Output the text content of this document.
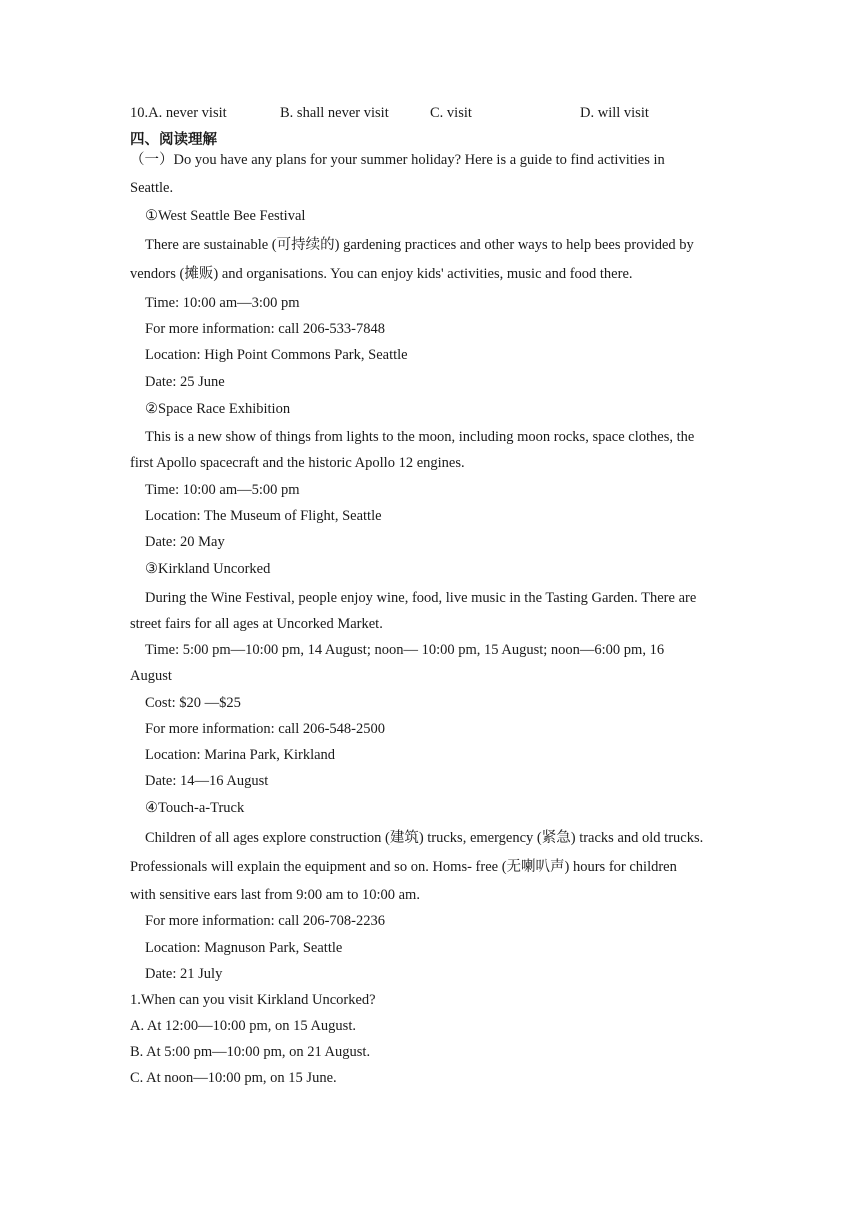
10.A. never visit	B. shall never visit	C. visit	D. will visit
四、阅读理解
（一）Do you have any plans for your summer holiday? Here is a guide to find activities in
Seattle.
①West Seattle Bee Festival
There are sustainable (可持续的) gardening practices and other ways to help bees provided by
vendors (摊贩) and organisations. You can enjoy kids' activities, music and food there.
Time: 10:00 am—3:00 pm
For more information: call 206-533-7848
Location: High Point Commons Park, Seattle
Date: 25 June
②Space Race Exhibition
This is a new show of things from lights to the moon, including moon rocks, space clothes, the
first Apollo spacecraft and the historic Apollo 12 engines.
Time: 10:00 am—5:00 pm
Location: The Museum of Flight, Seattle
Date: 20 May
③Kirkland Uncorked
During the Wine Festival, people enjoy wine, food, live music in the Tasting Garden. There are
street fairs for all ages at Uncorked Market.
Time: 5:00 pm—10:00 pm, 14 August; noon— 10:00 pm, 15 August; noon—6:00 pm, 16
August
Cost: $20 —$25
For more information: call 206-548-2500
Location: Marina Park, Kirkland
Date: 14—16 August
④Touch-a-Truck
Children of all ages explore construction (建筑) trucks, emergency (紧急) tracks and old trucks.
Professionals will explain the equipment and so on. Homs- free (无喇叭声) hours for children
with sensitive ears last from 9:00 am to 10:00 am.
For more information: call 206-708-2236
Location: Magnuson Park, Seattle
Date: 21 July
1.When can you visit Kirkland Uncorked?
A. At 12:00—10:00 pm, on 15 August.
B. At 5:00 pm—10:00 pm, on 21 August.
C. At noon—10:00 pm, on 15 June.
